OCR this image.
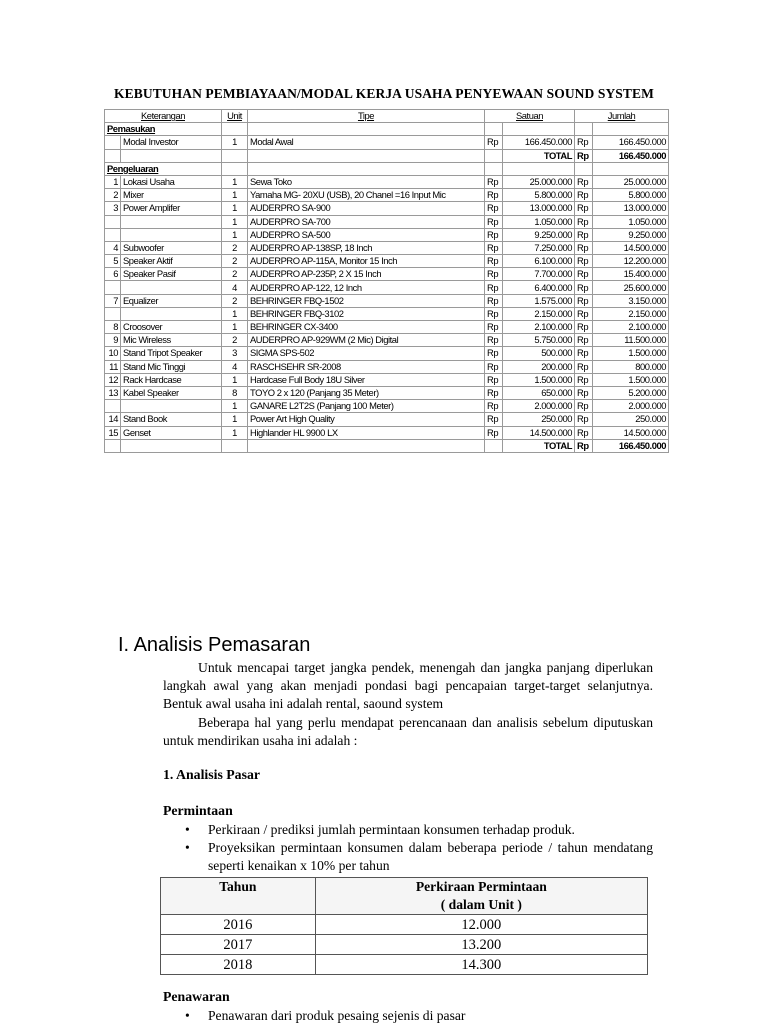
KEBUTUHAN PEMBIAYAAN/MODAL KERJA USAHA PENYEWAAN SOUND SYSTEM
Keterangan		Unit	Tipe	Satuan		Jumlah	
Pemasukan							
	Modal Investor	1	Modal Awal	Rp	166.450.000	Rp	166.450.000
					TOTAL	Rp	166.450.000
Pengeluaran							
1	Lokasi Usaha	1	Sewa Toko	Rp	25.000.000	Rp	25.000.000
2	Mixer	1	Yamaha MG- 20XU (USB), 20 Chanel =16 Input Mic	Rp	5.800.000	Rp	5.800.000
3	Power Amplifer	1	AUDERPRO SA-900	Rp	13.000.000	Rp	13.000.000
		1	AUDERPRO SA-700	Rp	1.050.000	Rp	1.050.000
		1	AUDERPRO SA-500	Rp	9.250.000	Rp	9.250.000
4	Subwoofer	2	AUDERPRO AP-138SP, 18 Inch	Rp	7.250.000	Rp	14.500.000
5	Speaker Aktif	2	AUDERPRO AP-115A, Monitor 15 Inch	Rp	6.100.000	Rp	12.200.000
6	Speaker Pasif	2	AUDERPRO AP-235P, 2 X 15 Inch	Rp	7.700.000	Rp	15.400.000
		4	AUDERPRO AP-122, 12 Inch	Rp	6.400.000	Rp	25.600.000
7	Equalizer	2	BEHRINGER FBQ-1502	Rp	1.575.000	Rp	3.150.000
		1	BEHRINGER FBQ-3102	Rp	2.150.000	Rp	2.150.000
8	Croosover	1	BEHRINGER CX-3400	Rp	2.100.000	Rp	2.100.000
9	Mic Wireless	2	AUDERPRO AP-929WM (2 Mic) Digital	Rp	5.750.000	Rp	11.500.000
10	Stand Tripot Speaker	3	SIGMA SPS-502	Rp	500.000	Rp	1.500.000
11	Stand Mic Tinggi	4	RASCHSEHR SR-2008	Rp	200.000	Rp	800.000
12	Rack Hardcase	1	Hardcase Full Body 18U Silver	Rp	1.500.000	Rp	1.500.000
13	Kabel Speaker	8	TOYO 2 x 120 (Panjang 35 Meter)	Rp	650.000	Rp	5.200.000
		1	GANARE L2T2S (Panjang 100 Meter)	Rp	2.000.000	Rp	2.000.000
14	Stand Book	1	Power Art High Quality	Rp	250.000	Rp	250.000
15	Genset	1	Highlander HL 9900 LX	Rp	14.500.000	Rp	14.500.000
					TOTAL	Rp	166.450.000
I. Analisis Pemasaran
Untuk mencapai target jangka pendek, menengah dan jangka panjang diperlukan langkah awal yang akan menjadi pondasi bagi pencapaian target-target selanjutnya. Bentuk awal usaha ini adalah rental, saound system
Beberapa hal yang perlu mendapat perencanaan dan analisis sebelum diputuskan untuk mendirikan usaha ini adalah :
1. Analisis Pasar
Permintaan
• Perkiraan / prediksi jumlah permintaan konsumen terhadap produk.
• Proyeksikan permintaan konsumen dalam beberapa periode / tahun mendatang seperti kenaikan x 10% per tahun
Tahun	Perkiraan Permintaan
( dalam Unit )

2016	12.000
2017	13.200
2018	14.300
Penawaran
• Penawaran dari produk pesaing sejenis di pasar
